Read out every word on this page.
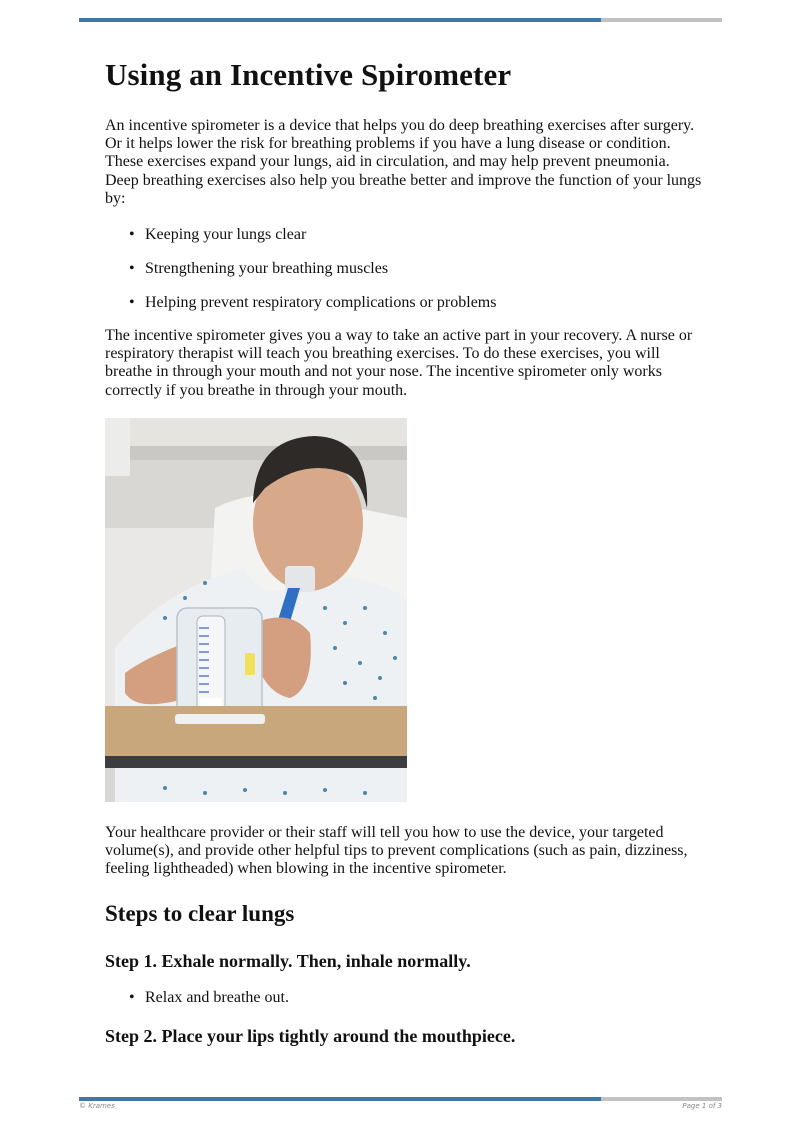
Using an Incentive Spirometer

An incentive spirometer is a device that helps you do deep breathing exercises after surgery. Or it helps lower the risk for breathing problems if you have a lung disease or condition. These exercises expand your lungs, aid in circulation, and may help prevent pneumonia. Deep breathing exercises also help you breathe better and improve the function of your lungs by:

• Keeping your lungs clear
• Strengthening your breathing muscles
• Helping prevent respiratory complications or problems

The incentive spirometer gives you a way to take an active part in your recovery. A nurse or respiratory therapist will teach you breathing exercises. To do these exercises, you will breathe in through your mouth and not your nose. The incentive spirometer only works correctly if you breathe in through your mouth.

Your healthcare provider or their staff will tell you how to use the device, your targeted volume(s), and provide other helpful tips to prevent complications (such as pain, dizziness, feeling lightheaded) when blowing in the incentive spirometer.

Steps to clear lungs
Step 1. Exhale normally. Then, inhale normally.
• Relax and breathe out.
Step 2. Place your lips tightly around the mouthpiece.
© Krames	Page 1 of 3
